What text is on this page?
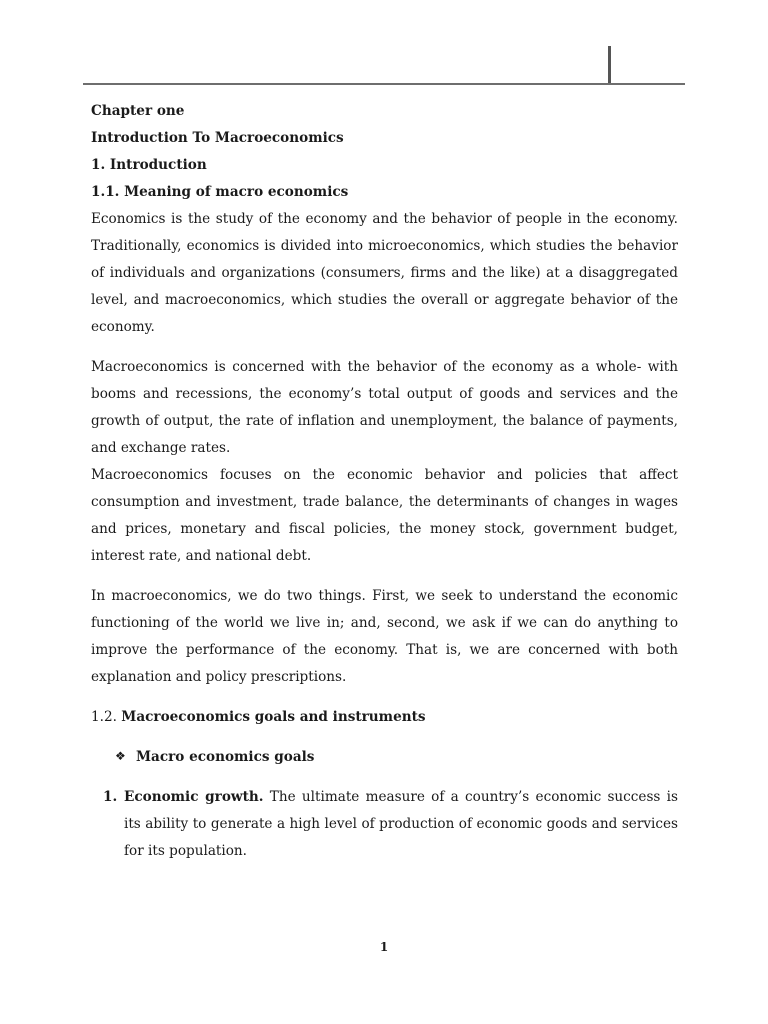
Chapter one
Introduction To Macroeconomics
1. Introduction
1.1. Meaning of macro economics

Economics is the study of the economy and the behavior of people in the economy. Traditionally, economics is divided into microeconomics, which studies the behavior of individuals and organizations (consumers, firms and the like) at a disaggregated level, and macroeconomics, which studies the overall or aggregate behavior of the economy.

Macroeconomics is concerned with the behavior of the economy as a whole- with booms and recessions, the economy’s total output of goods and services and the growth of output, the rate of inflation and unemployment, the balance of payments, and exchange rates.

Macroeconomics focuses on the economic behavior and policies that affect consumption and investment, trade balance, the determinants of changes in wages and prices, monetary and fiscal policies, the money stock, government budget, interest rate, and national debt.

In macroeconomics, we do two things. First, we seek to understand the economic functioning of the world we live in; and, second, we ask if we can do anything to improve the performance of the economy. That is, we are concerned with both explanation and policy prescriptions.

1.2. Macroeconomics goals and instruments
❖ Macro economics goals
1. Economic growth. The ultimate measure of a country’s economic success is its ability to generate a high level of production of economic goods and services for its population.
1
